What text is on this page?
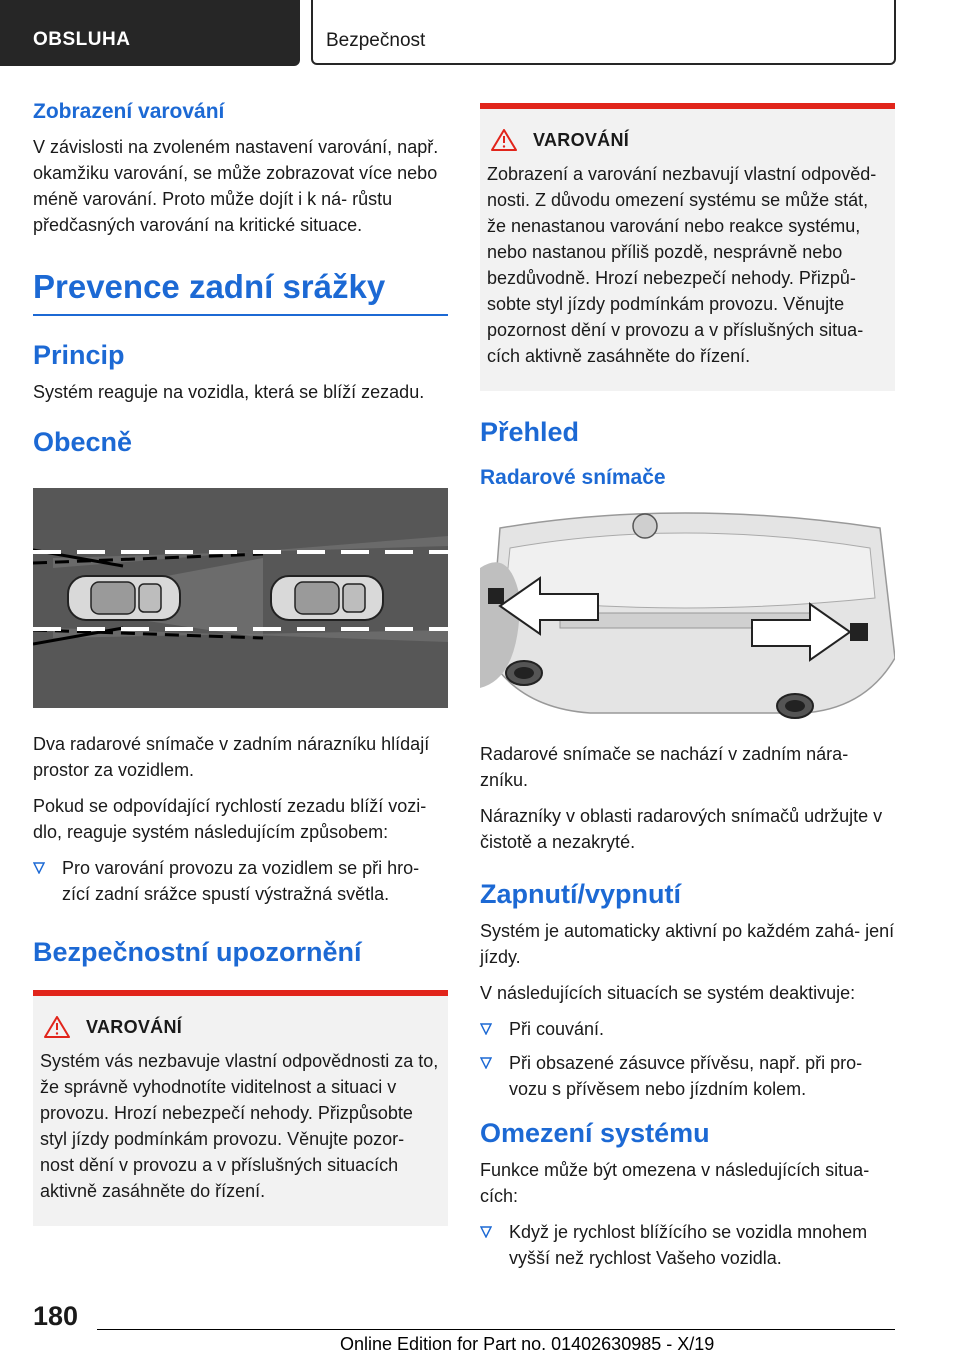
OBSLUHA	Bezpečnost
Zobrazení varování
V závislosti na zvoleném nastavení varování, např. okamžiku varování, se může zobrazovat více nebo méně varování. Proto může dojít i k ná- růstu předčasných varování na kritické situace.
Prevence zadní srážky
Princip
Systém reaguje na vozidla, která se blíží zezadu.
Obecně
Dva radarové snímače v zadním nárazníku hlídají prostor za vozidlem.
Pokud se odpovídající rychlostí zezadu blíží vozi- dlo, reaguje systém následujícím způsobem:
Pro varování provozu za vozidlem se při hro- zící zadní srážce spustí výstražná světla.
Bezpečnostní upozornění
VAROVÁNÍ

Systém vás nezbavuje vlastní odpovědnosti za to, že správně vyhodnotíte viditelnost a situaci v provozu. Hrozí nebezpečí nehody. Přizpůsobte styl jízdy podmínkám provozu. Věnujte pozor- nost dění v provozu a v příslušných situacích aktivně zasáhněte do řízení.

VAROVÁNÍ

Zobrazení a varování nezbavují vlastní odpověd- nosti. Z důvodu omezení systému se může stát, že nenastanou varování nebo reakce systému, nebo nastanou příliš pozdě, nesprávně nebo bezdůvodně. Hrozí nebezpečí nehody. Přizpů- sobte styl jízdy podmínkám provozu. Věnujte pozornost dění v provozu a v příslušných situa- cích aktivně zasáhněte do řízení.

Přehled
Radarové snímače
Radarové snímače se nachází v zadním nára- zníku.
Nárazníky v oblasti radarových snímačů udržujte v čistotě a nezakryté.
Zapnutí/vypnutí
Systém je automaticky aktivní po každém zahá- jení jízdy.
V následujících situacích se systém deaktivuje:
Při couvání.
Při obsazené zásuvce přívěsu, např. při pro- vozu s přívěsem nebo jízdním kolem.
Omezení systému
Funkce může být omezena v následujících situa- cích:
Když je rychlost blížícího se vozidla mnohem vyšší než rychlost Vašeho vozidla.
180
Online Edition for Part no. 01402630985 - X/19
